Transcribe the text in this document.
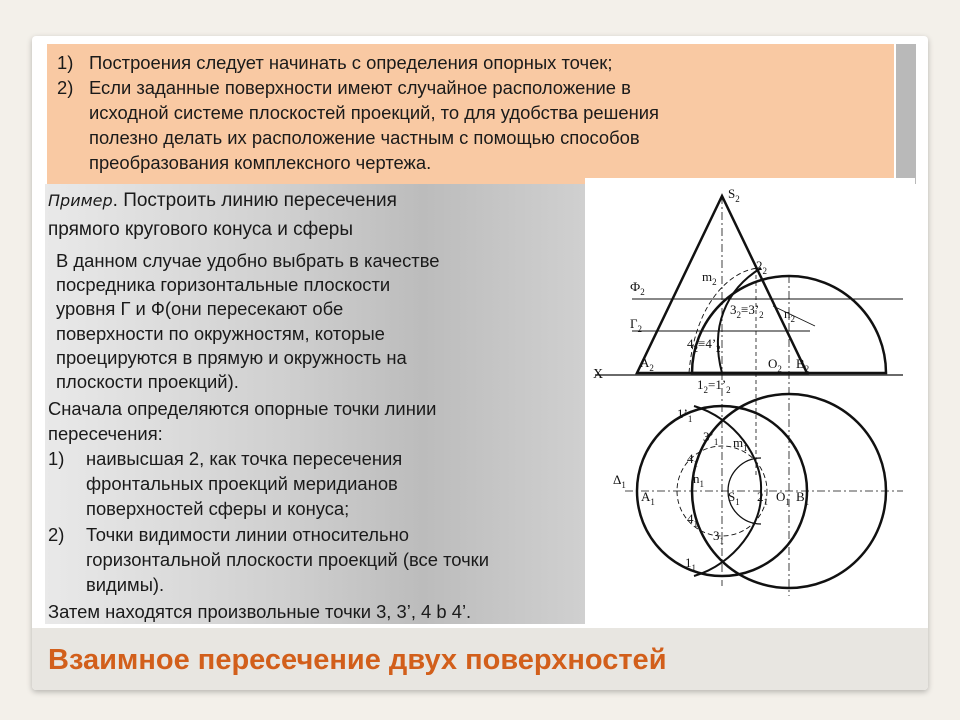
1) Построения следует начинать с определения опорных точек;
2) Если заданные поверхности имеют случайное расположение в
исходной системе плоскостей проекций, то для удобства решения
полезно делать их расположение частным с помощью способов
преобразования комплексного чертежа.
Пример. Построить линию пересечения
прямого кругового конуса и сферы
В данном случае удобно выбрать в качестве
посредника горизонтальные плоскости
уровня Г и Ф(они пересекают обе
поверхности по окружностям, которые
проецируются в прямую и окружность на
плоскости проекций).
Сначала определяются опорные точки линии
пересечения:
1) наивысшая 2, как точка пересечения
фронтальных проекций меридианов
поверхностей сферы и конуса;
2) Точки видимости линии относительно
горизонтальной плоскости проекций (все точки
видимы).
Затем находятся произвольные точки 3, 3’, 4 b 4’.
Взаимное пересечение двух поверхностей
$S_2$
$2_2$
$m_2$
$Ф_2$
$3_2\equiv 3’_2$ $n_2$
$Г_2$
$4_2\equiv 4’_2$
$A_2$	$O_2$ $B_2$
X
$1_2=1’_2$
$1’_1$
$3’_1$ $m_1$
$4_1$
$\Delta_1$	$n_1$
$A_1$	$S_1$ $2_1$ $O_1$ $B_1$
$4_1$
$3_1$
$1_1$
